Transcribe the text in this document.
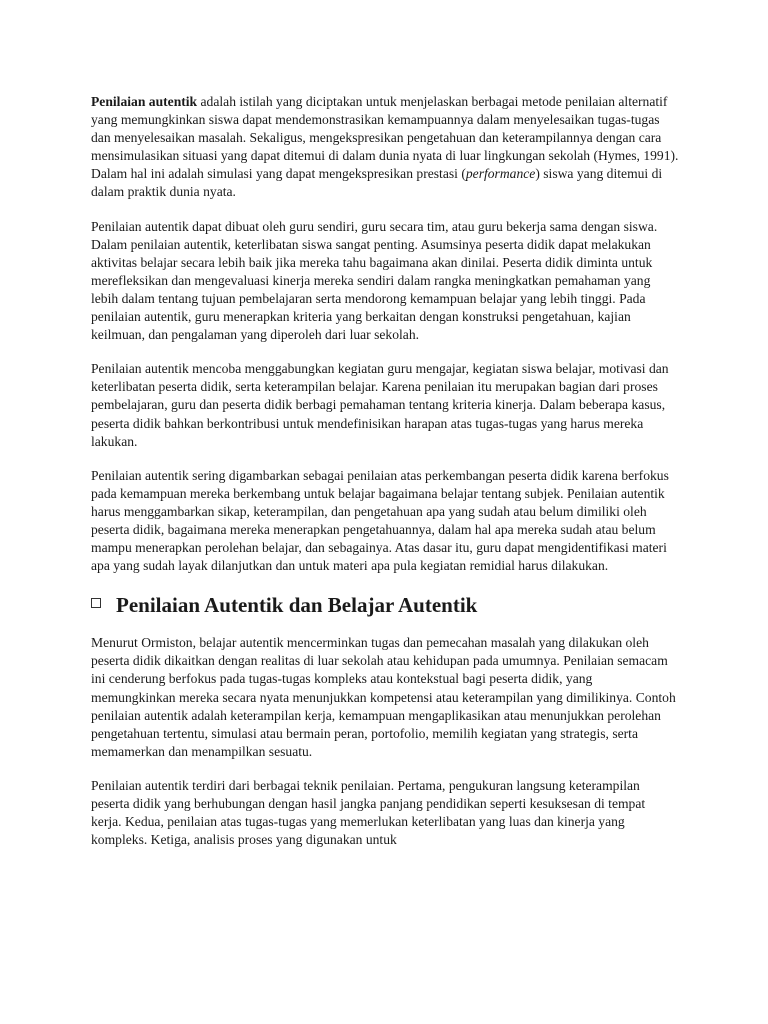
Penilaian autentik adalah istilah yang diciptakan untuk menjelaskan berbagai metode penilaian alternatif yang memungkinkan siswa dapat mendemonstrasikan kemampuannya dalam menyelesaikan tugas-tugas dan menyelesaikan masalah. Sekaligus, mengekspresikan pengetahuan dan keterampilannya dengan cara mensimulasikan situasi yang dapat ditemui di dalam dunia nyata di luar lingkungan sekolah (Hymes, 1991). Dalam hal ini adalah simulasi yang dapat mengekspresikan prestasi (performance) siswa yang ditemui di dalam praktik dunia nyata.

Penilaian autentik dapat dibuat oleh guru sendiri, guru secara tim, atau guru bekerja sama dengan siswa. Dalam penilaian autentik, keterlibatan siswa sangat penting. Asumsinya peserta didik dapat melakukan aktivitas belajar secara lebih baik jika mereka tahu bagaimana akan dinilai. Peserta didik diminta untuk merefleksikan dan mengevaluasi kinerja mereka sendiri dalam rangka meningkatkan pemahaman yang lebih dalam tentang tujuan pembelajaran serta mendorong kemampuan belajar yang lebih tinggi. Pada penilaian autentik, guru menerapkan kriteria yang berkaitan dengan konstruksi pengetahuan, kajian keilmuan, dan pengalaman yang diperoleh dari luar sekolah.

Penilaian autentik mencoba menggabungkan kegiatan guru mengajar, kegiatan siswa belajar, motivasi dan keterlibatan peserta didik, serta keterampilan belajar. Karena penilaian itu merupakan bagian dari proses pembelajaran, guru dan peserta didik berbagi pemahaman tentang kriteria kinerja. Dalam beberapa kasus, peserta didik bahkan berkontribusi untuk mendefinisikan harapan atas tugas-tugas yang harus mereka lakukan.

Penilaian autentik sering digambarkan sebagai penilaian atas perkembangan peserta didik karena berfokus pada kemampuan mereka berkembang untuk belajar bagaimana belajar tentang subjek. Penilaian autentik harus menggambarkan sikap, keterampilan, dan pengetahuan apa yang sudah atau belum dimiliki oleh peserta didik, bagaimana mereka menerapkan pengetahuannya, dalam hal apa mereka sudah atau belum mampu menerapkan perolehan belajar, dan sebagainya. Atas dasar itu, guru dapat mengidentifikasi materi apa yang sudah layak dilanjutkan dan untuk materi apa pula kegiatan remidial harus dilakukan.

Penilaian Autentik dan Belajar Autentik

Menurut Ormiston, belajar autentik mencerminkan tugas dan pemecahan masalah yang dilakukan oleh peserta didik dikaitkan dengan realitas di luar sekolah atau kehidupan pada umumnya. Penilaian semacam ini cenderung berfokus pada tugas-tugas kompleks atau kontekstual bagi peserta didik, yang memungkinkan mereka secara nyata menunjukkan kompetensi atau keterampilan yang dimilikinya. Contoh penilaian autentik adalah keterampilan kerja, kemampuan mengaplikasikan atau menunjukkan perolehan pengetahuan tertentu, simulasi atau bermain peran, portofolio, memilih kegiatan yang strategis, serta memamerkan dan menampilkan sesuatu.

Penilaian autentik terdiri dari berbagai teknik penilaian. Pertama, pengukuran langsung keterampilan peserta didik yang berhubungan dengan hasil jangka panjang pendidikan seperti kesuksesan di tempat kerja. Kedua, penilaian atas tugas-tugas yang memerlukan keterlibatan yang luas dan kinerja yang kompleks. Ketiga, analisis proses yang digunakan untuk
